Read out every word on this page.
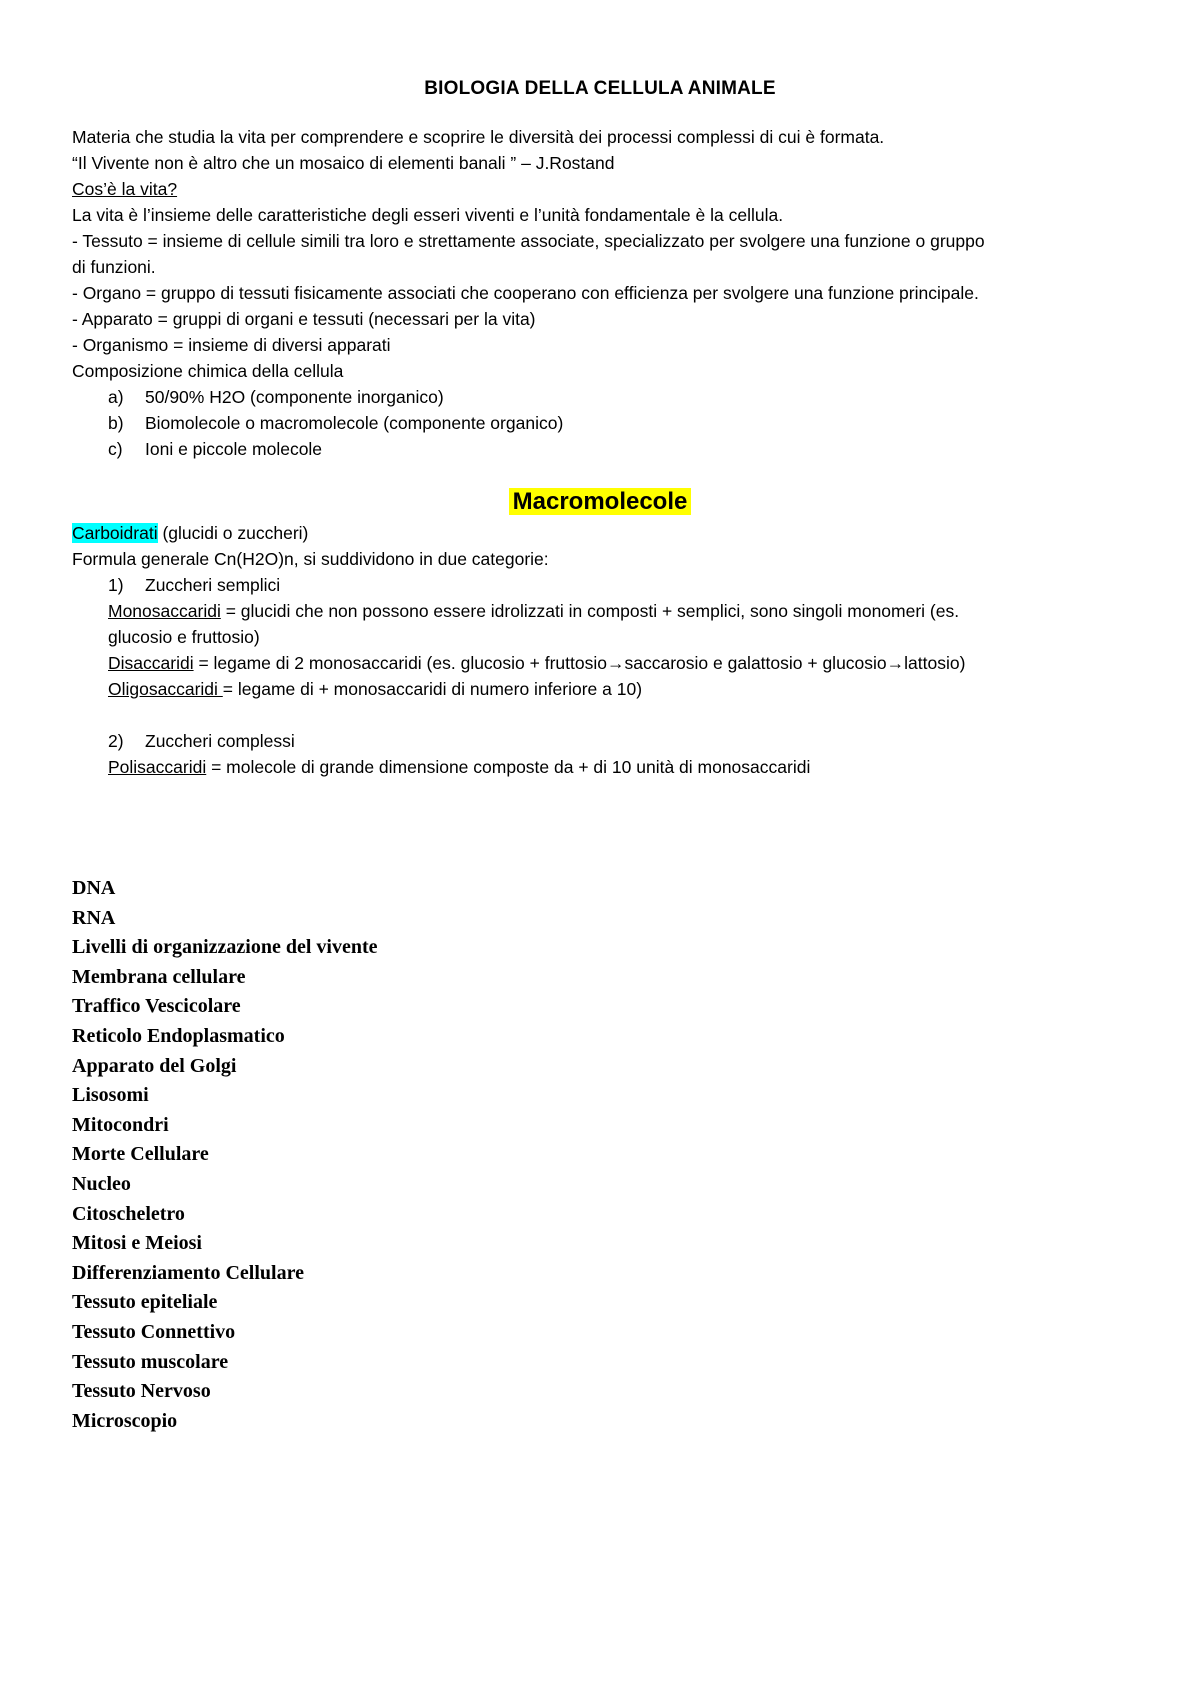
BIOLOGIA DELLA CELLULA ANIMALE
Materia che studia la vita per comprendere e scoprire le diversità dei processi complessi di cui è formata.
“Il Vivente non è altro che un mosaico di elementi banali ” – J.Rostand
Cos’è la vita?
La vita è l’insieme delle caratteristiche degli esseri viventi e l’unità fondamentale è la cellula.
- Tessuto = insieme di cellule simili tra loro e strettamente associate, specializzato per svolgere una funzione o gruppo
di funzioni.
- Organo = gruppo di tessuti fisicamente associati che cooperano con efficienza per svolgere una funzione principale.
- Apparato = gruppi di organi e tessuti (necessari per la vita)
- Organismo = insieme di diversi apparati
Composizione chimica della cellula
a) 50/90% H2O (componente inorganico)
b) Biomolecole o macromolecole (componente organico)
c) Ioni e piccole molecole
Macromolecole
Carboidrati (glucidi o zuccheri)
Formula generale Cn(H2O)n, si suddividono in due categorie:
1) Zuccheri semplici
Monosaccaridi = glucidi che non possono essere idrolizzati in composti + semplici, sono singoli monomeri (es.
glucosio e fruttosio)
Disaccaridi = legame di 2 monosaccaridi (es. glucosio + fruttosio→saccarosio e galattosio + glucosio→lattosio)
Oligosaccaridi = legame di + monosaccaridi di numero inferiore a 10)
2) Zuccheri complessi
Polisaccaridi = molecole di grande dimensione composte da + di 10 unità di monosaccaridi
DNA
RNA
Livelli di organizzazione del vivente
Membrana cellulare
Traffico Vescicolare
Reticolo Endoplasmatico
Apparato del Golgi
Lisosomi
Mitocondri
Morte Cellulare
Nucleo
Citoscheletro
Mitosi e Meiosi
Differenziamento Cellulare
Tessuto epiteliale
Tessuto Connettivo
Tessuto muscolare
Tessuto Nervoso
Microscopio
